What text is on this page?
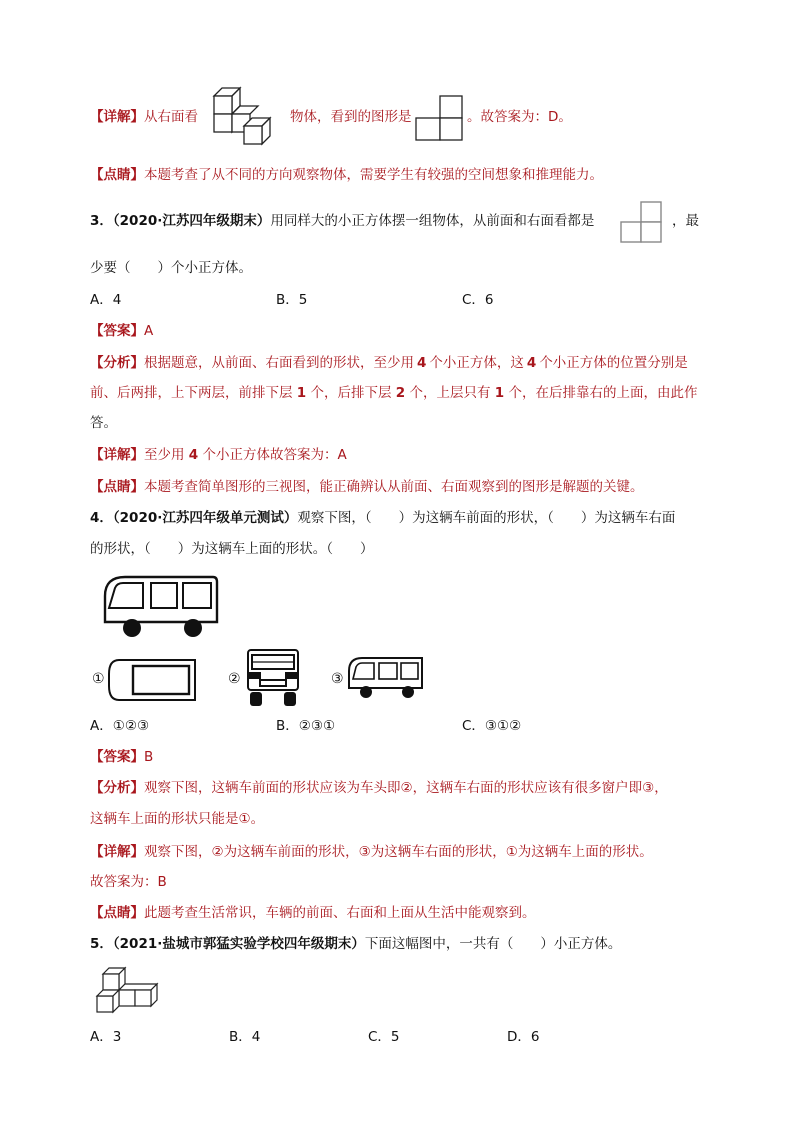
【详解】从右面看	物体，看到的图形是	。故答案为：D。
【点睛】本题考查了从不同的方向观察物体，需要学生有较强的空间想象和推理能力。
3．（2020·江苏四年级期末）用同样大的小正方体摆一组物体，从前面和右面看都是	，最
少要（　　）个小正方体。
A．4	B．5	C．6
【答案】A
【分析】根据题意，从前面、右面看到的形状，至少用 4 个小正方体，这 4 个小正方体的位置分别是
前、后两排，上下两层，前排下层 1 个，后排下层 2 个，上层只有 1 个，在后排靠右的上面，由此作
答。
【详解】至少用 4 个小正方体故答案为：A
【点睛】本题考查简单图形的三视图，能正确辨认从前面、右面观察到的图形是解题的关键。
4．（2020·江苏四年级单元测试）观察下图，（　　）为这辆车前面的形状，（　　）为这辆车右面
的形状，（　　）为这辆车上面的形状。（　　）
①	②	③
A．①②③	B．②③①	C．③①②
【答案】B
【分析】观察下图，这辆车前面的形状应该为车头即②，这辆车右面的形状应该有很多窗户即③，
这辆车上面的形状只能是①。
【详解】观察下图，②为这辆车前面的形状，③为这辆车右面的形状，①为这辆车上面的形状。
故答案为：B
【点睛】此题考查生活常识，车辆的前面、右面和上面从生活中能观察到。
5．（2021·盐城市郭猛实验学校四年级期末）下面这幅图中，一共有（　　）小正方体。
A．3	B．4	C．5	D．6
